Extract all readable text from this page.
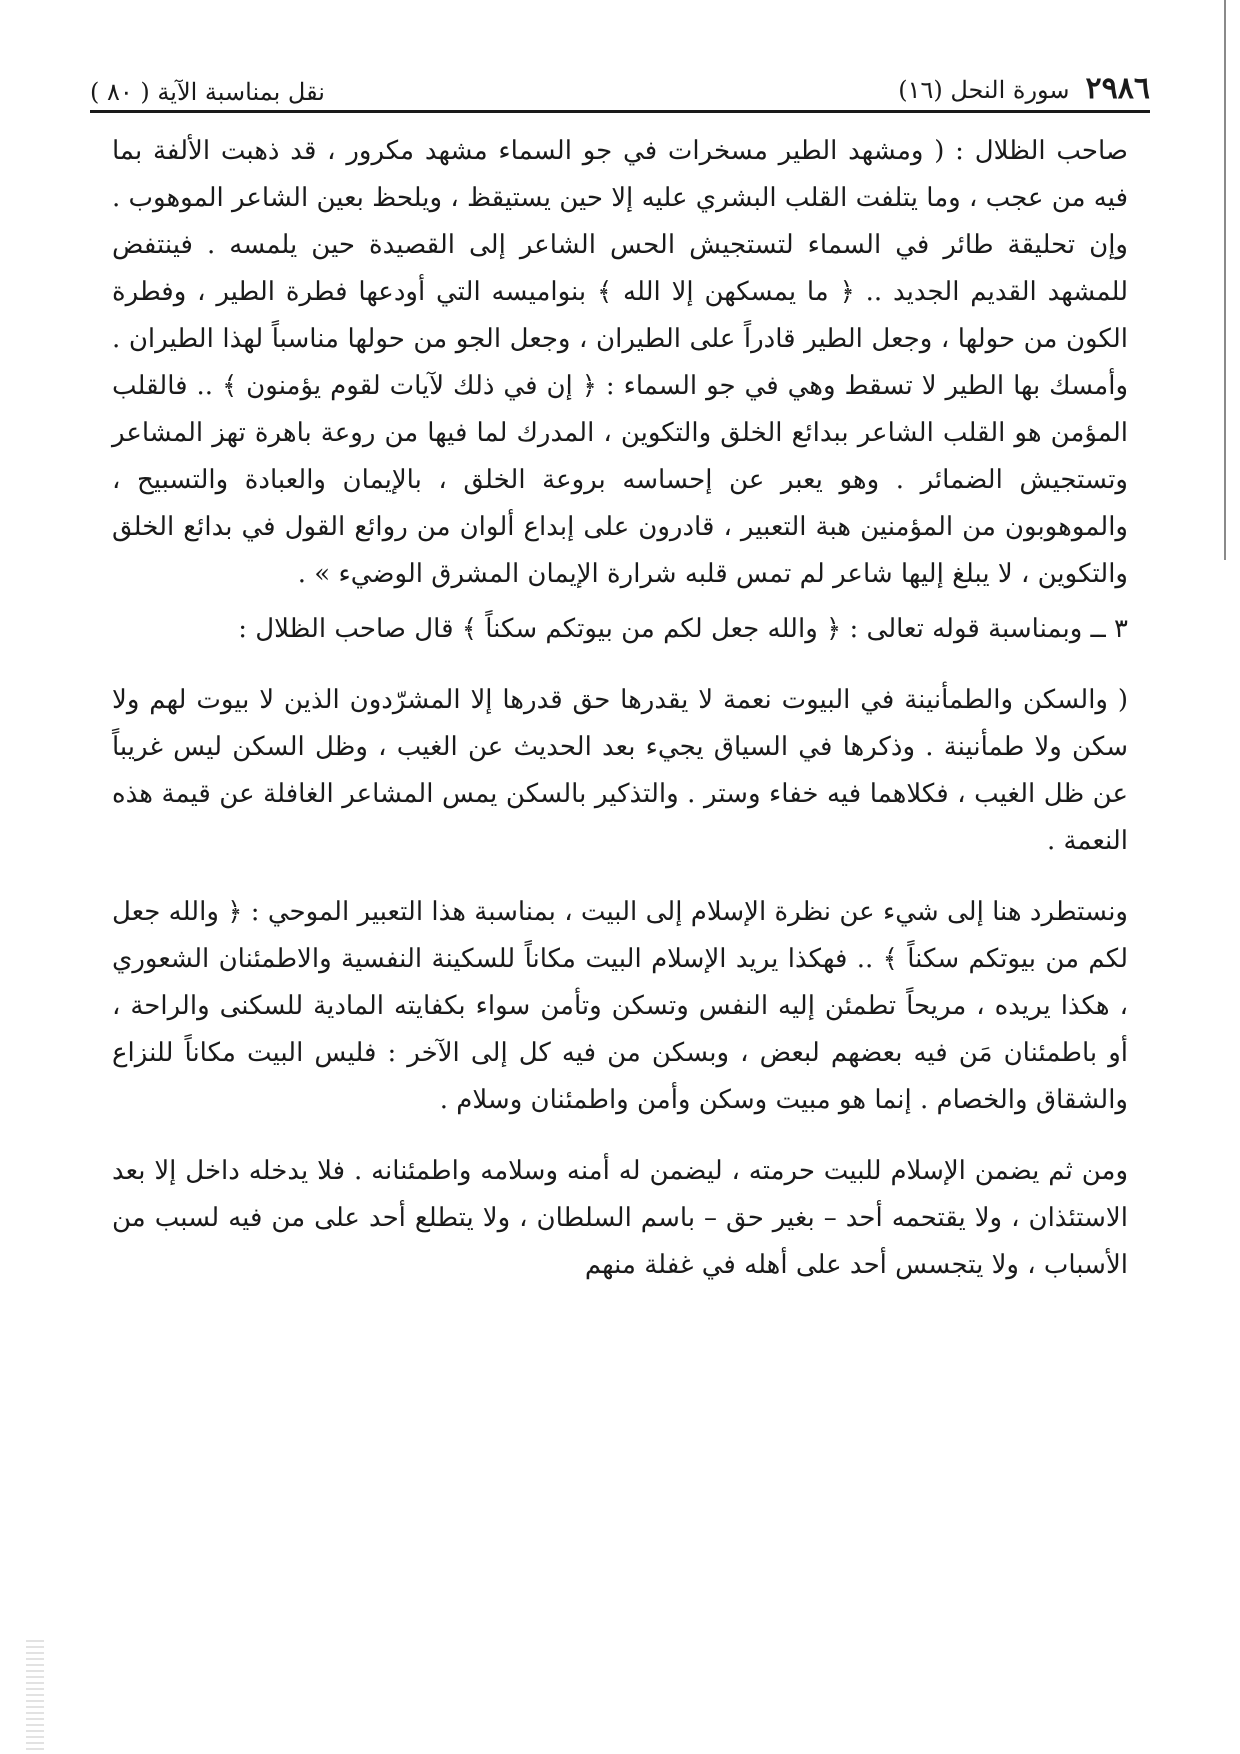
٢٩٨٦
(١٦) سورة النحل
نقل بمناسبة الآية ( ٨٠ )

صاحب الظلال : ( ومشهد الطير مسخرات في جو السماء مشهد مكرور ، قد ذهبت الألفة بما فيه من عجب ، وما يتلفت القلب البشري عليه إلا حين يستيقظ ، ويلحظ بعين الشاعر الموهوب . وإن تحليقة طائر في السماء لتستجيش الحس الشاعر إلى القصيدة حين يلمسه . فينتفض للمشهد القديم الجديد .. ﴿ ما يمسكهن إلا الله ﴾ بنواميسه التي أودعها فطرة الطير ، وفطرة الكون من حولها ، وجعل الطير قادراً على الطيران ، وجعل الجو من حولها مناسباً لهذا الطيران . وأمسك بها الطير لا تسقط وهي في جو السماء : ﴿ إن في ذلك لآيات لقوم يؤمنون ﴾ .. فالقلب المؤمن هو القلب الشاعر ببدائع الخلق والتكوين ، المدرك لما فيها من روعة باهرة تهز المشاعر وتستجيش الضمائر . وهو يعبر عن إحساسه بروعة الخلق ، بالإيمان والعبادة والتسبيح ، والموهوبون من المؤمنين هبة التعبير ، قادرون على إبداع ألوان من روائع القول في بدائع الخلق والتكوين ، لا يبلغ إليها شاعر لم تمس قلبه شرارة الإيمان المشرق الوضيء » .

٣ ــ وبمناسبة قوله تعالى : ﴿ والله جعل لكم من بيوتكم سكناً ﴾ قال صاحب الظلال :

( والسكن والطمأنينة في البيوت نعمة لا يقدرها حق قدرها إلا المشرّدون الذين لا بيوت لهم ولا سكن ولا طمأنينة . وذكرها في السياق يجيء بعد الحديث عن الغيب ، وظل السكن ليس غريباً عن ظل الغيب ، فكلاهما فيه خفاء وستر . والتذكير بالسكن يمس المشاعر الغافلة عن قيمة هذه النعمة .

ونستطرد هنا إلى شيء عن نظرة الإسلام إلى البيت ، بمناسبة هذا التعبير الموحي : ﴿ والله جعل لكم من بيوتكم سكناً ﴾ .. فهكذا يريد الإسلام البيت مكاناً للسكينة النفسية والاطمئنان الشعوري ، هكذا يريده ، مريحاً تطمئن إليه النفس وتسكن وتأمن سواء بكفايته المادية للسكنى والراحة ، أو باطمئنان مَن فيه بعضهم لبعض ، وبسكن من فيه كل إلى الآخر : فليس البيت مكاناً للنزاع والشقاق والخصام . إنما هو مبيت وسكن وأمن واطمئنان وسلام .

ومن ثم يضمن الإسلام للبيت حرمته ، ليضمن له أمنه وسلامه واطمئنانه . فلا يدخله داخل إلا بعد الاستئذان ، ولا يقتحمه أحد – بغير حق – باسم السلطان ، ولا يتطلع أحد على من فيه لسبب من الأسباب ، ولا يتجسس أحد على أهله في غفلة منهم
